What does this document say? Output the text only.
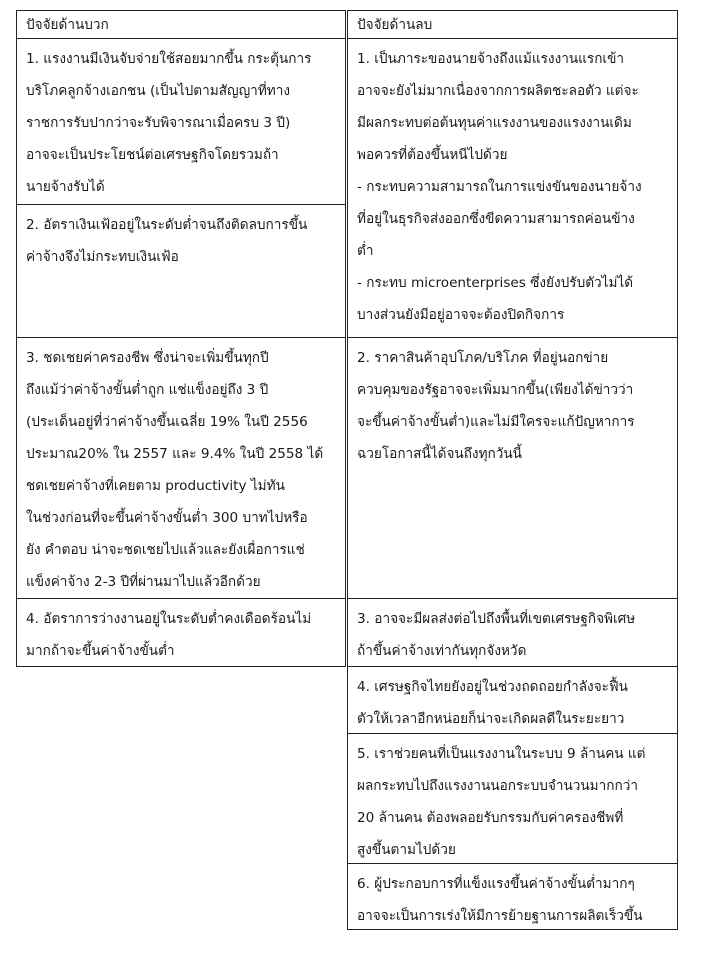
ปัจจัยด้านบวก	ปัจจัยด้านลบ
1. แรงงานมีเงินจับจ่ายใช้สอยมากขึ้น กระตุ้นการ
บริโภคลูกจ้างเอกชน (เป็นไปตามสัญญาที่ทาง
ราชการรับปากว่าจะรับพิจารณาเมื่อครบ 3 ปี)
อาจจะเป็นประโยชน์ต่อเศรษฐกิจโดยรวมถ้า
นายจ้างรับได้
2. อัตราเงินเฟ้ออยู่ในระดับต่ำจนถึงติดลบการขึ้น
ค่าจ้างจึงไม่กระทบเงินเฟ้อ
3. ชดเชยค่าครองชีพ ซึ่งน่าจะเพิ่มขึ้นทุกปี
ถึงแม้ว่าค่าจ้างขั้นต่ำถูก แช่แข็งอยู่ถึง 3 ปี
(ประเด็นอยู่ที่ว่าค่าจ้างขึ้นเฉลี่ย 19% ในปี 2556
ประมาณ20% ใน 2557 และ 9.4% ในปี 2558 ได้
ชดเชยค่าจ้างที่เคยตาม productivity ไม่ทัน
ในช่วงก่อนที่จะขึ้นค่าจ้างขั้นต่ำ 300 บาทไปหรือ
ยัง คำตอบ น่าจะชดเชยไปแล้วและยังเผื่อการแช่
แข็งค่าจ้าง 2-3 ปีที่ผ่านมาไปแล้วอีกด้วย
4. อัตราการว่างงานอยู่ในระดับต่ำคงเดือดร้อนไม่
มากถ้าจะขึ้นค่าจ้างขั้นต่ำ
1. เป็นภาระของนายจ้างถึงแม้แรงงานแรกเข้า
อาจจะยังไม่มากเนื่องจากการผลิตชะลอตัว แต่จะ
มีผลกระทบต่อต้นทุนค่าแรงงานของแรงงานเดิม
พอควรที่ต้องขึ้นหนีไปด้วย
- กระทบความสามารถในการแข่งขันของนายจ้าง
ที่อยู่ในธุรกิจส่งออกซึ่งขีดความสามารถค่อนข้าง
ต่ำ
- กระทบ microenterprises ซึ่งยังปรับตัวไม่ได้
บางส่วนยังมีอยู่อาจจะต้องปิดกิจการ
2. ราคาสินค้าอุปโภค/บริโภค ที่อยู่นอกข่าย
ควบคุมของรัฐอาจจะเพิ่มมากขึ้น(เพียงได้ข่าวว่า
จะขึ้นค่าจ้างขั้นต่ำ)และไม่มีใครจะแก้ปัญหาการ
ฉวยโอกาสนี้ได้จนถึงทุกวันนี้
3. อาจจะมีผลส่งต่อไปถึงพื้นที่เขตเศรษฐกิจพิเศษ
ถ้าขึ้นค่าจ้างเท่ากันทุกจังหวัด
4. เศรษฐกิจไทยยังอยู่ในช่วงถดถอยกำลังจะฟื้น
ตัวให้เวลาอีกหน่อยก็น่าจะเกิดผลดีในระยะยาว
5. เราช่วยคนที่เป็นแรงงานในระบบ 9 ล้านคน แต่
ผลกระทบไปถึงแรงงานนอกระบบจำนวนมากกว่า
20 ล้านคน ต้องพลอยรับกรรมกับค่าครองชีพที่
สูงขึ้นตามไปด้วย
6. ผู้ประกอบการที่แข็งแรงขึ้นค่าจ้างขั้นต่ำมากๆ
อาจจะเป็นการเร่งให้มีการย้ายฐานการผลิตเร็วขึ้น
